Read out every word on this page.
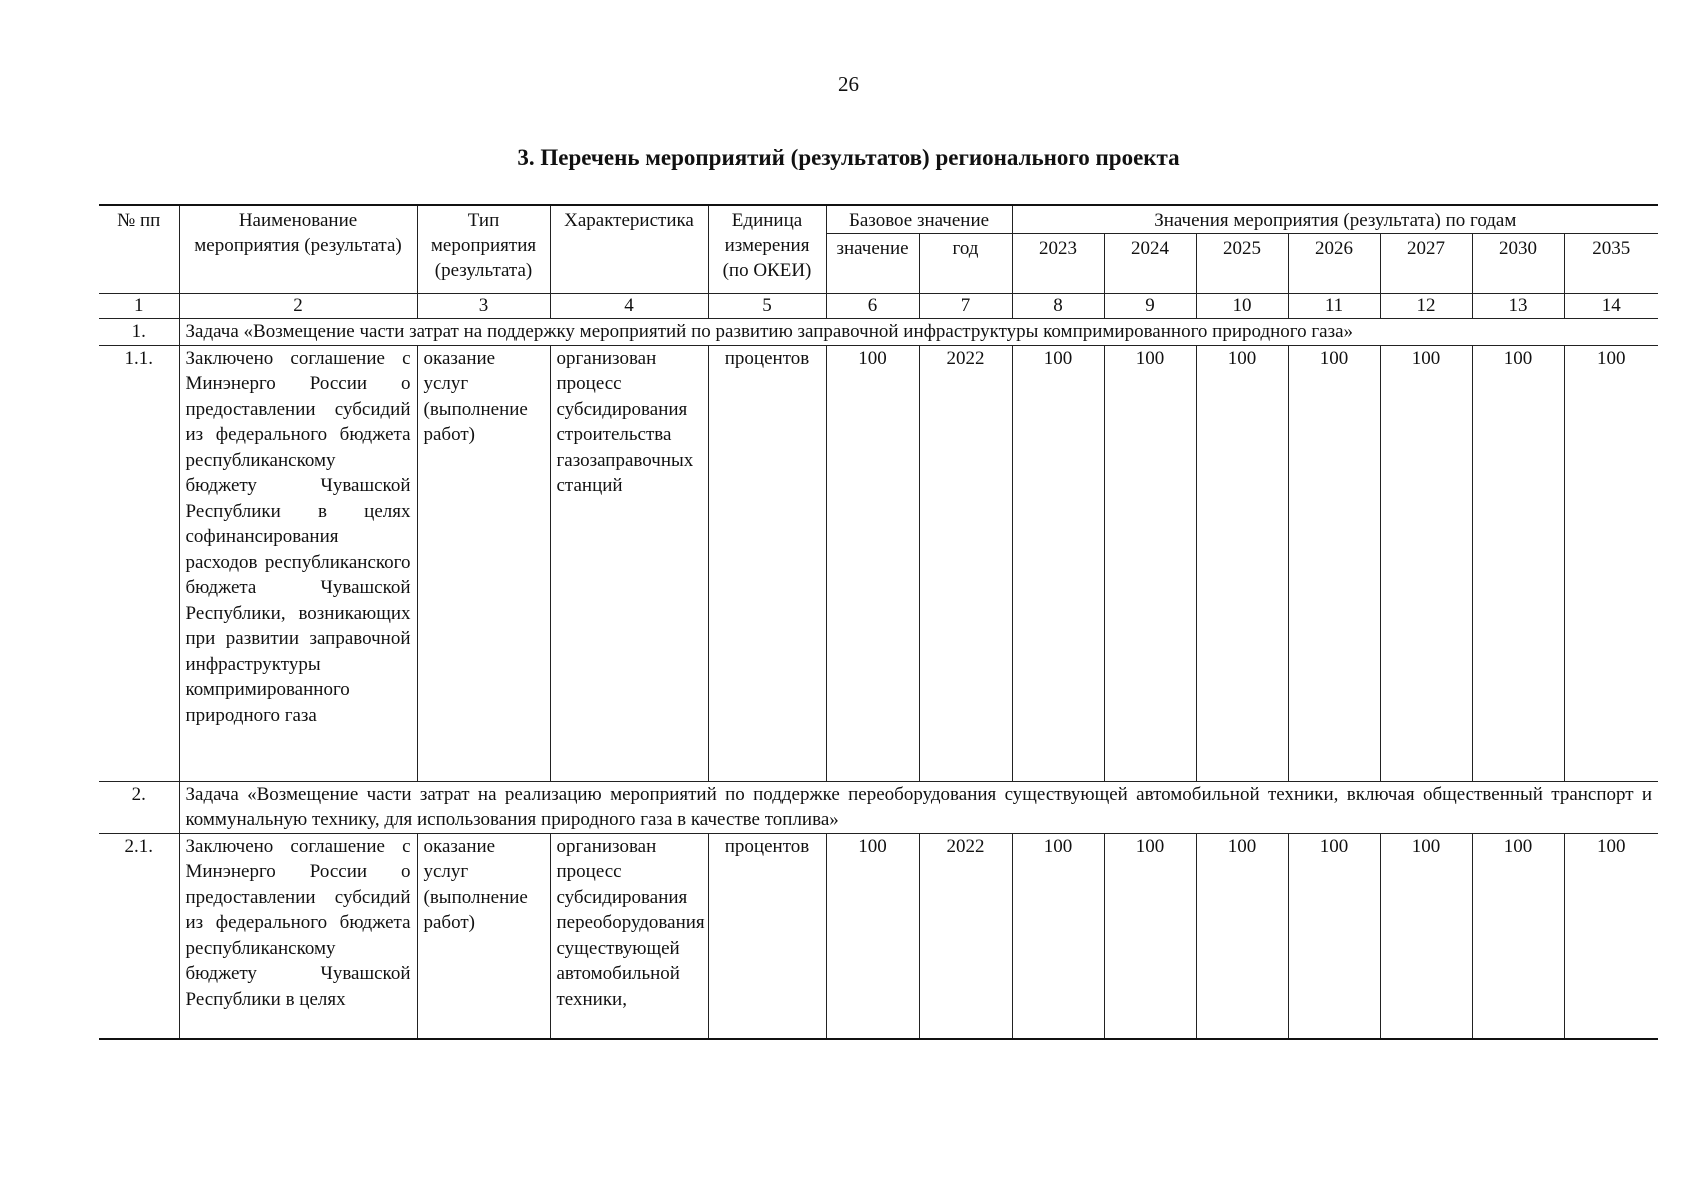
26
3. Перечень мероприятий (результатов) регионального проекта
№ пп	Наименование мероприятия (результата)	Тип мероприятия (результата)	Характеристика	Единица измерения (по ОКЕИ)	Базовое значение		Значения мероприятия (результата) по годам						
					значение	год	2023	2024	2025	2026	2027	2030	2035
1	2	3	4	5	6	7	8	9	10	11	12	13	14
1.	Задача «Возмещение части затрат на поддержку мероприятий по развитию заправочной инфраструктуры компримированного природного газа»												
1.1.	Заключено соглашение с Минэнерго России о предоставлении субсидий из федерального бюджета республиканскому бюджету Чувашской Республики в целях софинансирования расходов республиканского бюджета Чувашской Республики, возникающих при развитии заправочной инфраструктуры компримированного природного газа	оказание услуг (выполнение работ)	организован процесс субсидирования строительства газозаправочных станций	процентов	100	2022	100	100	100	100	100	100	100
2.	Задача «Возмещение части затрат на реализацию мероприятий по поддержке переоборудования существующей автомобильной техники, включая общественный транспорт и коммунальную технику, для использования природного газа в качестве топлива»												
2.1.	Заключено соглашение с Минэнерго России о предоставлении субсидий из федерального бюджета республиканскому бюджету Чувашской Республики в целях	оказание услуг (выполнение работ)	организован процесс субсидирования переоборудования существующей автомобильной техники,	процентов	100	2022	100	100	100	100	100	100	100
